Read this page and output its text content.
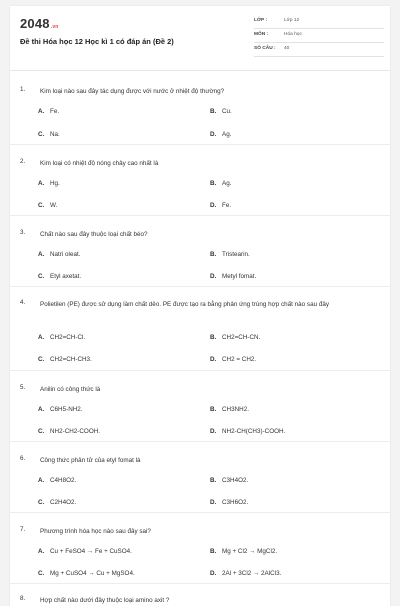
2048.vn
Đề thi Hóa học 12 Học kì 1 có đáp án (Đề 2)
LỚP :	Lớp 12
MÔN :	Hóa học
SỐ CÂU : 40
1. Kim loại nào sau đây tác dụng được với nước ở nhiệt độ thường?
A. Fe.	B. Cu.
C. Na.	D. Ag.
2. Kim loại có nhiệt độ nóng chảy cao nhất là
A. Hg.	B. Ag.
C. W.	D. Fe.
3. Chất nào sau đây thuộc loại chất béo?
A. Natri oleat.	B. Tristearin.
C. Etyl axetat.	D. Metyl fomat.
4. Polietilen (PE) được sử dụng làm chất dẻo. PE được tạo ra bằng phản ứng trùng hợp chất nào sau đây
A. CH2=CH-Cl.	B. CH2=CH-CN.
C. CH2=CH-CH3.	D. CH2 = CH2.
5. Anilin có công thức là
A. C6H5-NH2.	B. CH3NH2.
C. NH2-CH2-COOH.	D. NH2-CH(CH3)-COOH.
6. Công thức phân tử của etyl fomat là
A. C4H8O2.	B. C3H4O2.
C. C2H4O2.	D. C3H6O2.
7. Phương trình hóa học nào sau đây sai?
A. Cu + FeSO4 → Fe + CuSO4.	B. Mg + Cl2 → MgCl2.
C. Mg + CuSO4 → Cu + MgSO4.	D. 2Al + 3Cl2 → 2AlCl3.
8. Hợp chất nào dưới đây thuộc loại amino axit ?
